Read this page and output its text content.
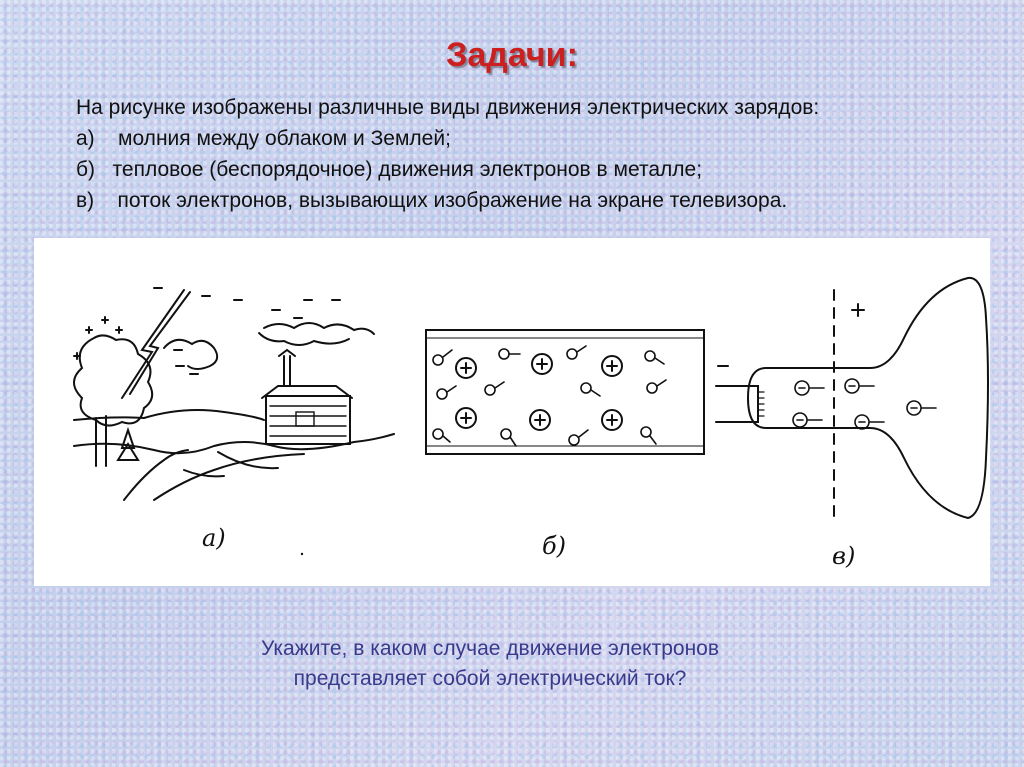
Задачи:
На рисунке изображены различные виды движения электрических зарядов:
а) молния между облаком и Землей;
б) тепловое (беспорядочное) движения электронов в металле;
в) поток электронов, вызывающих изображение на экране телевизора.
а)	б)	в)
Укажите, в каком случае движение электронов
представляет собой электрический ток?
